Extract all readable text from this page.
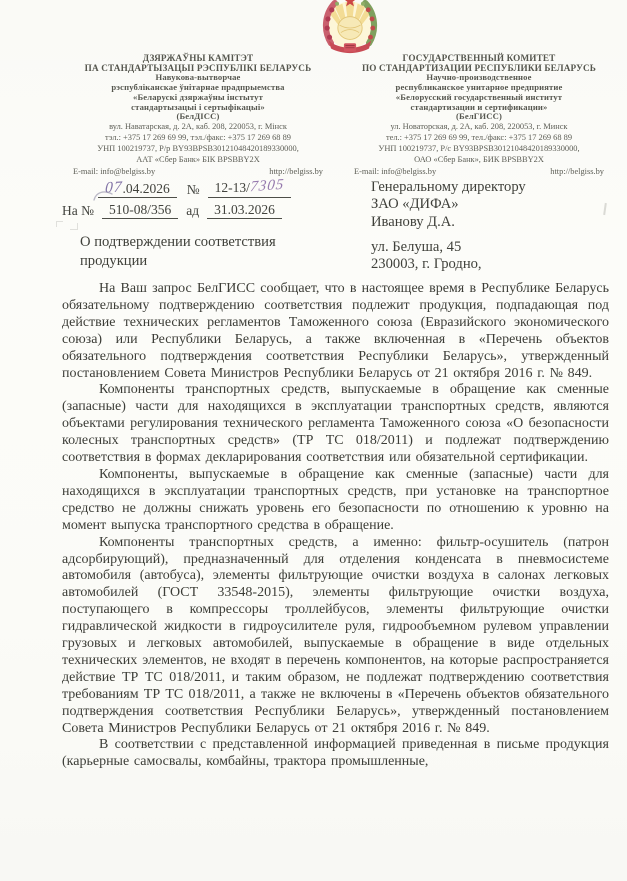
ДЗЯРЖАЎНЫ КАМІТЭТ
ПА СТАНДАРТЫЗАЦЫІ РЭСПУБЛІКІ БЕЛАРУСЬ
Навукова-вытворчае
рэспубліканскае ўнітарнае прадпрыемства
«Беларускі дзяржаўны інстытут
стандартызацыі і сертыфікацыі»
(БелДІСС)
вул. Наватарская, д. 2А, каб. 208, 220053, г. Мінск
тэл.: +375 17 269 69 99, тэл./факс: +375 17 269 68 89
УНП 100219737, Р/р BY93BPSB30121048420189330000,
ААТ «Сбер Банк» БІК BPSBBY2X
E-mail: info@belgiss.by	http://belgiss.by
ГОСУДАРСТВЕННЫЙ КОМИТЕТ
ПО СТАНДАРТИЗАЦИИ РЕСПУБЛИКИ БЕЛАРУСЬ
Научно-производственное
республиканское унитарное предприятие
«Белорусский государственный институт
стандартизации и сертификации»
(БелГИСС)
ул. Новаторская, д. 2А, каб. 208, 220053, г. Минск
тел.: +375 17 269 69 99, тел./факс: +375 17 269 68 89
УНП 100219737, Р/с BY93BPSB30121048420189330000,
ОАО «Сбер Банк», БИК BPSBBY2X
E-mail: info@belgiss.by	http://belgiss.by
07.04.2026	№	12-13/7305
На №	510-08/356	ад	31.03.2026
Генеральному директору
ЗАО «ДИФА»
Иванову Д.А.
ул. Белуша, 45
230003, г. Гродно,
О подтверждении соответствия
продукции

На Ваш запрос БелГИСС сообщает, что в настоящее время в Республике Беларусь обязательному подтверждению соответствия подлежит продукция, подпадающая под действие технических регламентов Таможенного союза (Евразийского экономического союза) или Республики Беларусь, а также включенная в «Перечень объектов обязательного подтверждения соответствия Республики Беларусь», утвержденный постановлением Совета Министров Республики Беларусь от 21 октября 2016 г. № 849.

Компоненты транспортных средств, выпускаемые в обращение как сменные (запасные) части для находящихся в эксплуатации транспортных средств, являются объектами регулирования технического регламента Таможенного союза «О безопасности колесных транспортных средств» (ТР ТС 018/2011) и подлежат подтверждению соответствия в формах декларирования соответствия или обязательной сертификации.

Компоненты, выпускаемые в обращение как сменные (запасные) части для находящихся в эксплуатации транспортных средств, при установке на транспортное средство не должны снижать уровень его безопасности по отношению к уровню на момент выпуска транспортного средства в обращение.

Компоненты транспортных средств, а именно: фильтр-осушитель (патрон адсорбирующий), предназначенный для отделения конденсата в пневмосистеме автомобиля (автобуса), элементы фильтрующие очистки воздуха в салонах легковых автомобилей (ГОСТ 33548-2015), элементы фильтрующие очистки воздуха, поступающего в компрессоры троллейбусов, элементы фильтрующие очистки гидравлической жидкости в гидроусилителе руля, гидрообъемном рулевом управлении грузовых и легковых автомобилей, выпускаемые в обращение в виде отдельных технических элементов, не входят в перечень компонентов, на которые распространяется действие ТР ТС 018/2011, и таким образом, не подлежат подтверждению соответствия требованиям ТР ТС 018/2011, а также не включены в «Перечень объектов обязательного подтверждения соответствия Республики Беларусь», утвержденный постановлением Совета Министров Республики Беларусь от 21 октября 2016 г. № 849.

В соответствии с представленной информацией приведенная в письме продукция (карьерные самосвалы, комбайны, трактора промышленные,
